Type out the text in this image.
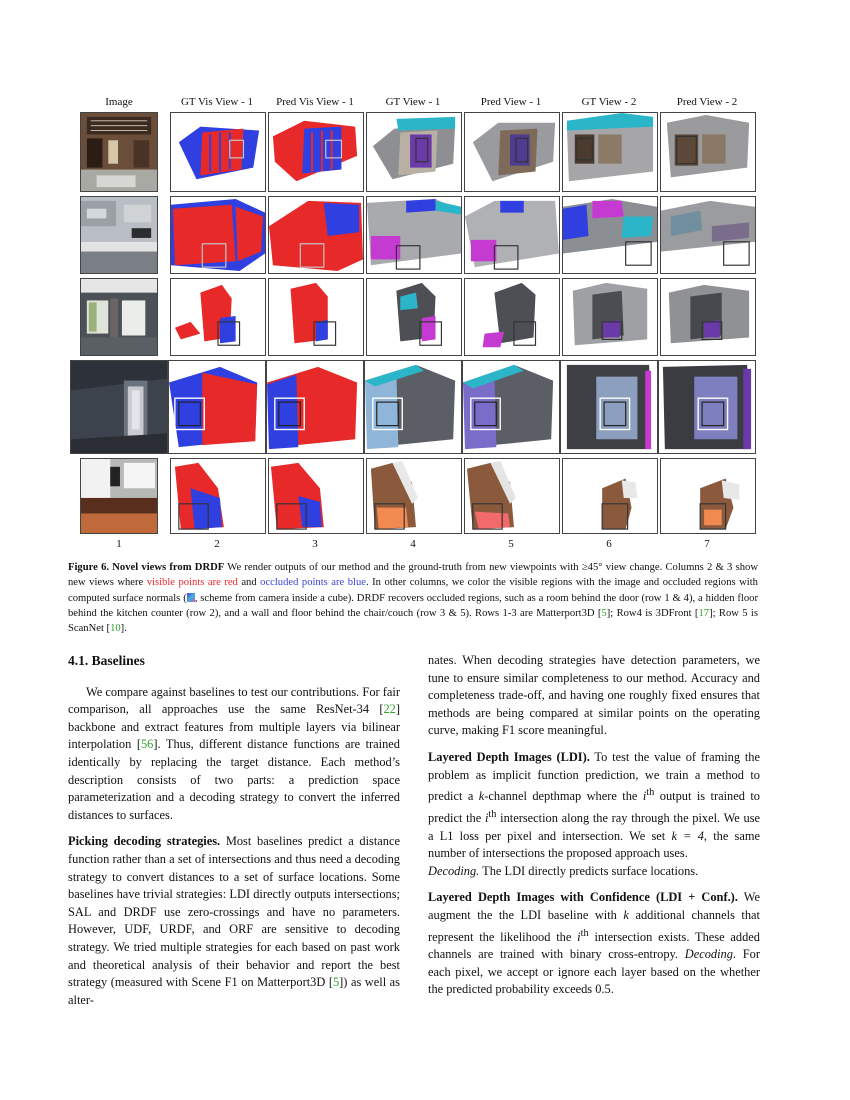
Image	GT Vis View - 1	Pred Vis View - 1	GT View - 1	Pred View - 1	GT View - 2	Pred View - 2
1	2	3	4	5	6	7
Figure 6. Novel views from DRDF We render outputs of our method and the ground-truth from new viewpoints with ≥45° view change. Columns 2 & 3 show new views where visible points are red and occluded points are blue. In other columns, we color the visible regions with the image and occluded regions with computed surface normals ( , scheme from camera inside a cube). DRDF recovers occluded regions, such as a room behind the door (row 1 & 4), a hidden floor behind the kitchen counter (row 2), and a wall and floor behind the chair/couch (row 3 & 5). Rows 1-3 are Matterport3D [5]; Row4 is 3DFront [17]; Row 5 is ScanNet [10].
4.1. Baselines

We compare against baselines to test our contributions. For fair comparison, all approaches use the same ResNet-34 [22] backbone and extract features from multiple layers via bilinear interpolation [56]. Thus, different distance functions are trained identically by replacing the target distance. Each method’s description consists of two parts: a prediction space parameterization and a decoding strategy to convert the inferred distances to surfaces.

Picking decoding strategies. Most baselines predict a distance function rather than a set of intersections and thus need a decoding strategy to convert distances to a set of surface locations. Some baselines have trivial strategies: LDI directly outputs intersections; SAL and DRDF use zero-crossings and have no parameters. However, UDF, URDF, and ORF are sensitive to decoding strategy. We tried multiple strategies for each based on past work and theoretical analysis of their behavior and report the best strategy (measured with Scene F1 on Matterport3D [5]) as well as alter-

nates. When decoding strategies have detection parameters, we tune to ensure similar completeness to our method. Accuracy and completeness trade-off, and having one roughly fixed ensures that methods are being compared at similar points on the operating curve, making F1 score meaningful.

Layered Depth Images (LDI). To test the value of framing the problem as implicit function prediction, we train a method to predict a k-channel depthmap where the $i^{th}$ output is trained to predict the $i^{th}$ intersection along the ray through the pixel. We use a L1 loss per pixel and intersection. We set k = 4, the same number of intersections the proposed approach uses.
Decoding. The LDI directly predicts surface locations.

Layered Depth Images with Confidence (LDI + Conf.). We augment the the LDI baseline with k additional channels that represent the likelihood the $i^{th}$ intersection exists. These added channels are trained with binary cross-entropy. Decoding. For each pixel, we accept or ignore each layer based on the whether the predicted probability exceeds 0.5.
